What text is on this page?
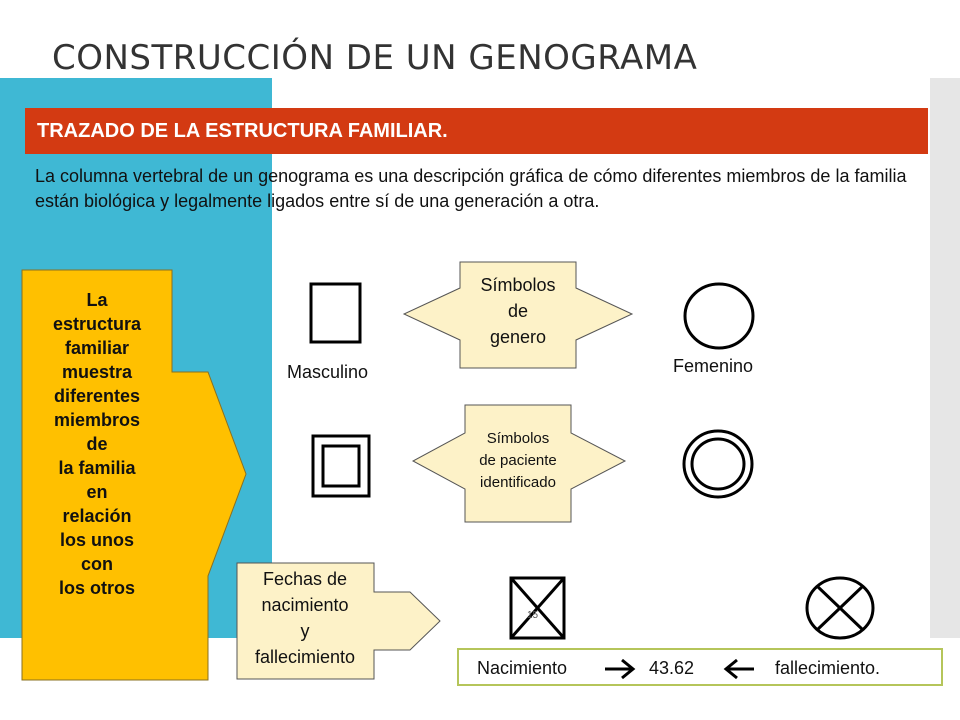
CONSTRUCCIÓN DE UN GENOGRAMA
TRAZADO DE LA ESTRUCTURA FAMILIAR.
La columna vertebral de un genograma es una descripción gráfica de cómo diferentes miembros de la familia están biológica y legalmente ligados entre sí de una generación a otra.
La
estructura
familiar
muestra
diferentes
miembros
de
la familia
en
relación
los unos
con
los otros
Símbolos
de
genero
Masculino	Femenino
Símbolos
de paciente
identificado
Fechas de
nacimiento
y
fallecimiento
15
Nacimiento	43.62	fallecimiento.
